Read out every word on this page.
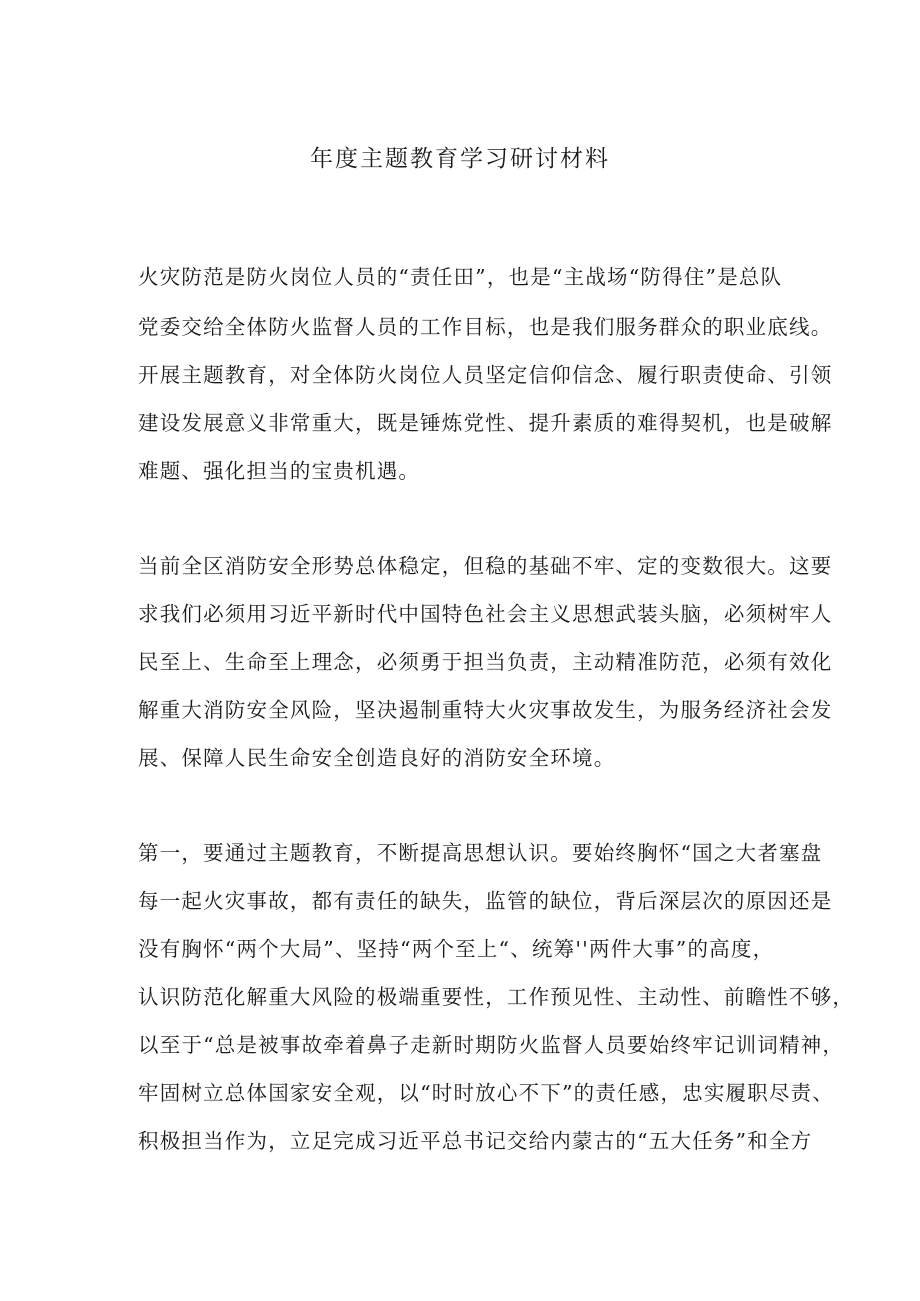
年度主题教育学习研讨材料

火灾防范是防火岗位人员的“责任田”，也是“主战场“防得住”是总队

党委交给全体防火监督人员的工作目标，也是我们服务群众的职业底线。

开展主题教育，对全体防火岗位人员坚定信仰信念、履行职责使命、引领

建设发展意义非常重大，既是锤炼党性、提升素质的难得契机，也是破解

难题、强化担当的宝贵机遇。

当前全区消防安全形势总体稳定，但稳的基础不牢、定的变数很大。这要

求我们必须用习近平新时代中国特色社会主义思想武装头脑，必须树牢人

民至上、生命至上理念，必须勇于担当负责，主动精准防范，必须有效化

解重大消防安全风险，坚决遏制重特大火灾事故发生，为服务经济社会发

展、保障人民生命安全创造良好的消防安全环境。

第一，要通过主题教育，不断提高思想认识。要始终胸怀“国之大者塞盘

每一起火灾事故，都有责任的缺失，监管的缺位，背后深层次的原因还是

没有胸怀“两个大局”、坚持“两个至上“、统筹''两件大事”的高度，

认识防范化解重大风险的极端重要性，工作预见性、主动性、前瞻性不够，

以至于“总是被事故牵着鼻子走新时期防火监督人员要始终牢记训词精神，

牢固树立总体国家安全观，以“时时放心不下”的责任感，忠实履职尽责、

积极担当作为，立足完成习近平总书记交给内蒙古的“五大任务”和全方
